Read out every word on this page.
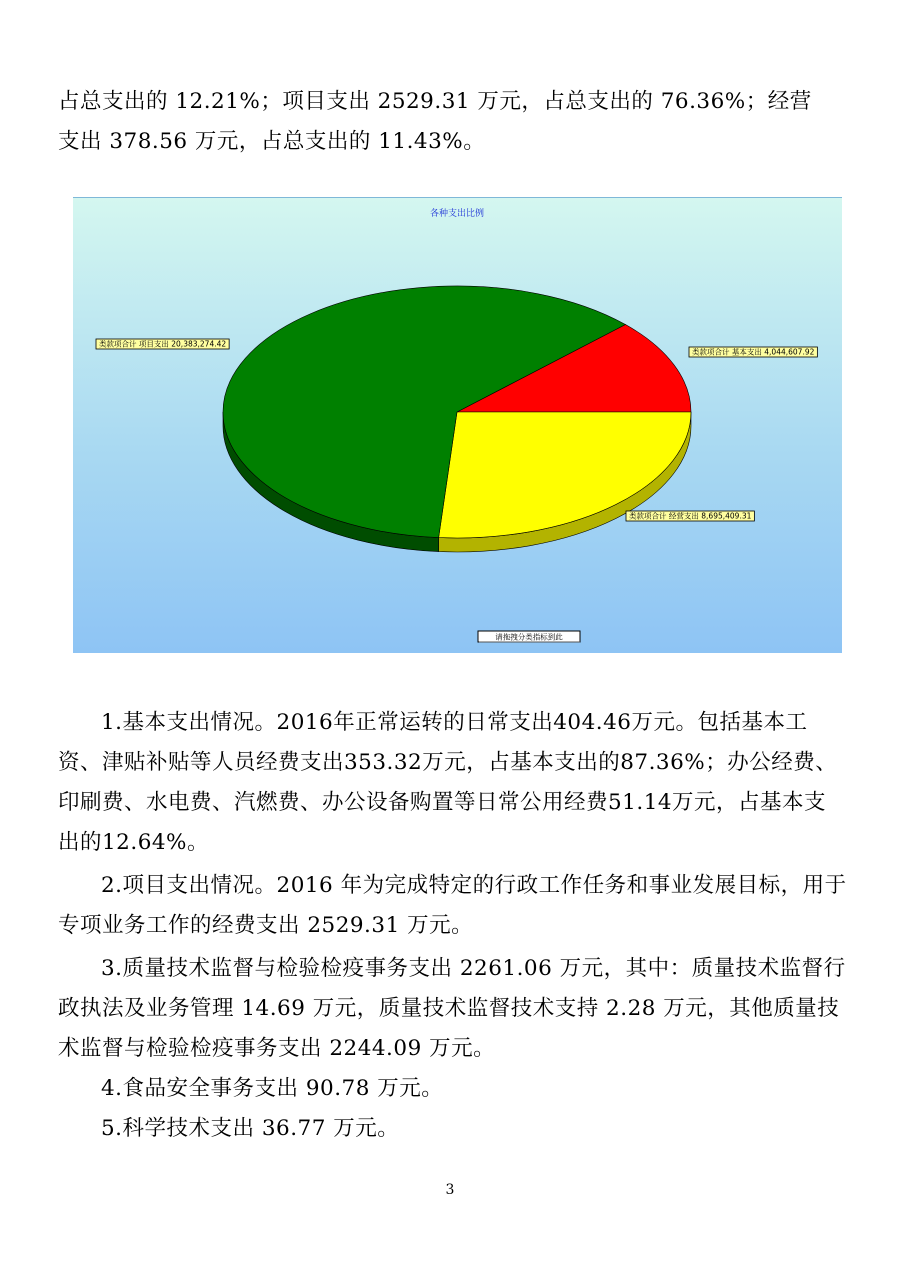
占总支出的 12.21%；项目支出 2529.31 万元，占总支出的 76.36%；经营

支出 378.56 万元，占总支出的 11.43%。

各种支出比例
类款项合计 基本支出 4,044,607.92
类款项合计 经营支出 8,695,409.31
类款项合计 项目支出 20,383,274.42
请拖拽分类指标到此

1.基本支出情况。2016年正常运转的日常支出404.46万元。包括基本工资、津贴补贴等人员经费支出353.32万元，占基本支出的87.36%；办公经费、印刷费、水电费、汽燃费、办公设备购置等日常公用经费51.14万元，占基本支出的12.64%。

2.项目支出情况。2016 年为完成特定的行政工作任务和事业发展目标，用于专项业务工作的经费支出 2529.31 万元。

3.质量技术监督与检验检疫事务支出 2261.06 万元，其中：质量技术监督行政执法及业务管理 14.69 万元，质量技术监督技术支持 2.28 万元，其他质量技术监督与检验检疫事务支出 2244.09 万元。

4.食品安全事务支出 90.78 万元。

5.科学技术支出 36.77 万元。

3
